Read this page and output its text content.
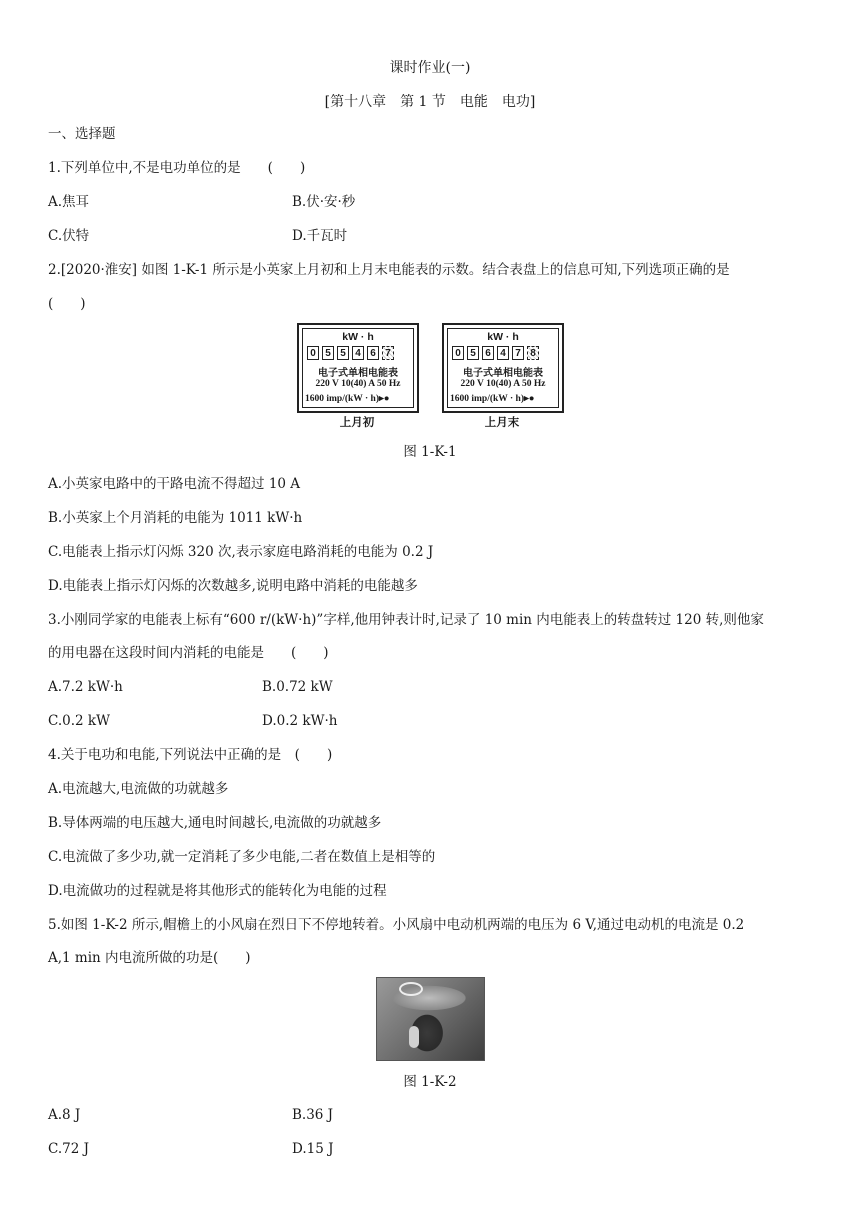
课时作业(一)
[第十八章　第 1 节　电能　电功]
一、选择题
1.下列单位中,不是电功单位的是　　(　　)
A.焦耳	B.伏·安·秒
C.伏特	D.千瓦时
2.[2020·淮安] 如图 1-K-1 所示是小英家上月初和上月末电能表的示数。结合表盘上的信息可知,下列选项正确的是
(　　)
kW · h
0 5 5 4 6 7
电子式单相电能表
220 V 10(40) A 50 Hz
1600 imp/(kW · h)▸●
上月初
kW · h
0 5 6 4 7 8
电子式单相电能表
220 V 10(40) A 50 Hz
1600 imp/(kW · h)▸●
上月末
图 1-K-1
A.小英家电路中的干路电流不得超过 10 A
B.小英家上个月消耗的电能为 1011 kW·h
C.电能表上指示灯闪烁 320 次,表示家庭电路消耗的电能为 0.2 J
D.电能表上指示灯闪烁的次数越多,说明电路中消耗的电能越多
3.小刚同学家的电能表上标有“600 r/(kW·h)”字样,他用钟表计时,记录了 10 min 内电能表上的转盘转过 120 转,则他家
的用电器在这段时间内消耗的电能是　　(　　)
A.7.2 kW·h	B.0.72 kW
C.0.2 kW	D.0.2 kW·h
4.关于电功和电能,下列说法中正确的是　(　　)
A.电流越大,电流做的功就越多
B.导体两端的电压越大,通电时间越长,电流做的功就越多
C.电流做了多少功,就一定消耗了多少电能,二者在数值上是相等的
D.电流做功的过程就是将其他形式的能转化为电能的过程
5.如图 1-K-2 所示,帽檐上的小风扇在烈日下不停地转着。小风扇中电动机两端的电压为 6 V,通过电动机的电流是 0.2
A,1 min 内电流所做的功是(　　)
图 1-K-2
A.8 J	B.36 J
C.72 J	D.15 J
